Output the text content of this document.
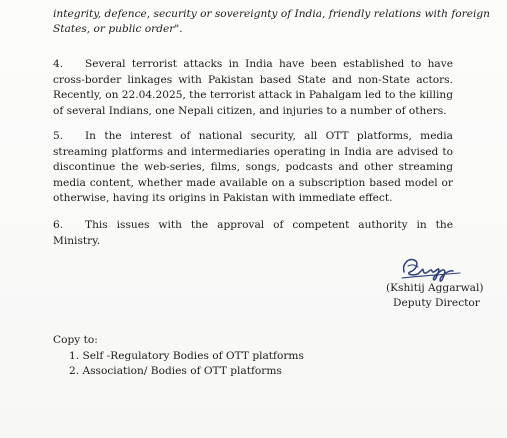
integrity, defence, security or sovereignty of India, friendly relations with foreign
States, or public order".
4.	Several terrorist attacks in India have been established to have cross-border linkages with Pakistan based State and non-State actors. Recently, on 22.04.2025, the terrorist attack in Pahalgam led to the killing of several Indians, one Nepali citizen, and injuries to a number of others.
5.	In the interest of national security, all OTT platforms, media streaming platforms and intermediaries operating in India are advised to discontinue the web-series, films, songs, podcasts and other streaming media content, whether made available on a subscription based model or otherwise, having its origins in Pakistan with immediate effect.
6.	This issues with the approval of competent authority in the Ministry.
(Kshitij Aggarwal)
Deputy Director
Copy to:
1. Self -Regulatory Bodies of OTT platforms
2. Association/ Bodies of OTT platforms
